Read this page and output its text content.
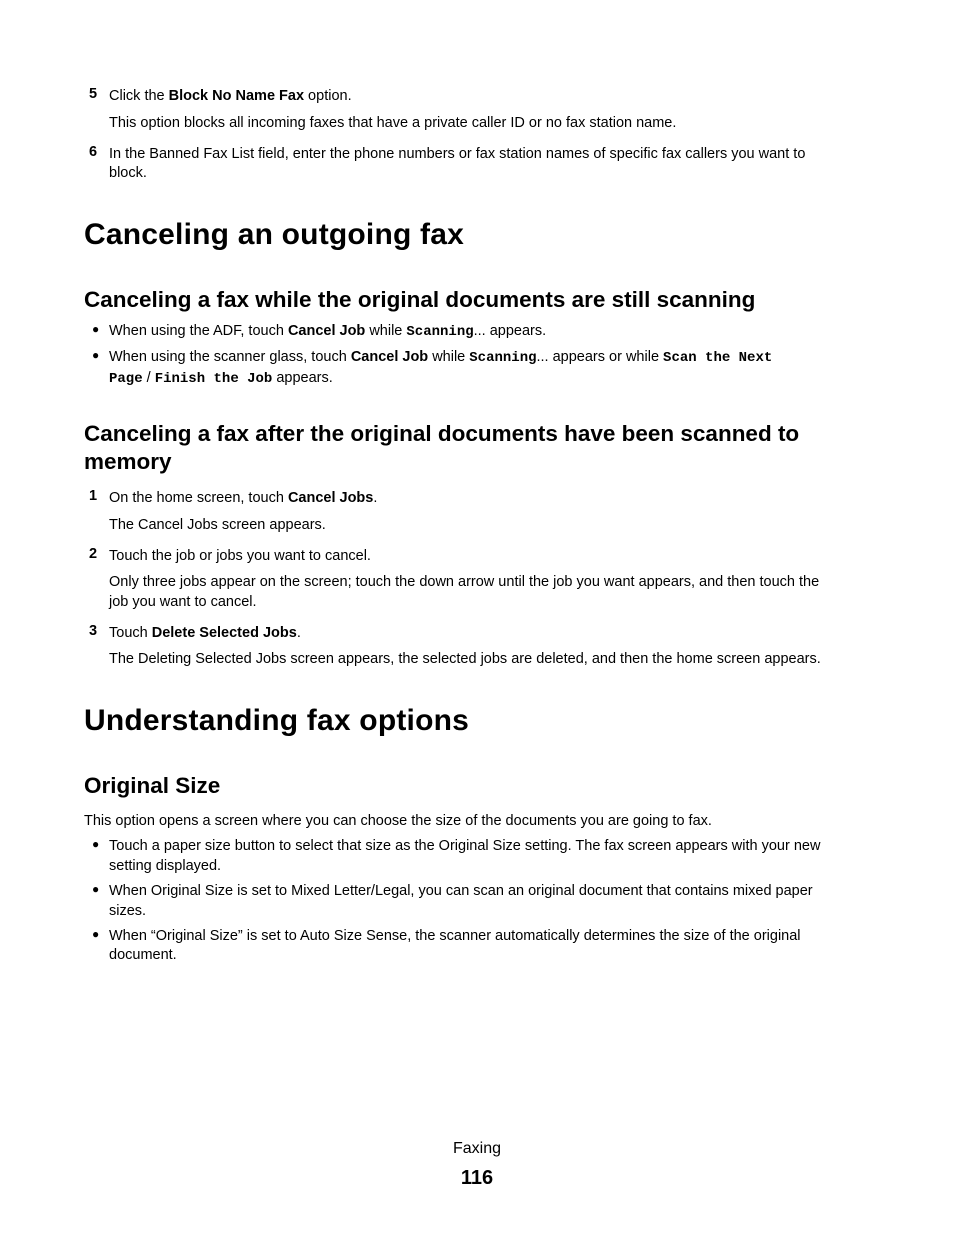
5 Click the Block No Name Fax option.
This option blocks all incoming faxes that have a private caller ID or no fax station name.
6 In the Banned Fax List field, enter the phone numbers or fax station names of specific fax callers you want to
block.
Canceling an outgoing fax
Canceling a fax while the original documents are still scanning
● When using the ADF, touch Cancel Job while Scanning... appears.
● When using the scanner glass, touch Cancel Job while Scanning... appears or while Scan the Next
Page / Finish the Job appears.
Canceling a fax after the original documents have been scanned to
memory
1 On the home screen, touch Cancel Jobs.
The Cancel Jobs screen appears.
2 Touch the job or jobs you want to cancel.
Only three jobs appear on the screen; touch the down arrow until the job you want appears, and then touch the
job you want to cancel.
3 Touch Delete Selected Jobs.
The Deleting Selected Jobs screen appears, the selected jobs are deleted, and then the home screen appears.
Understanding fax options
Original Size
This option opens a screen where you can choose the size of the documents you are going to fax.
● Touch a paper size button to select that size as the Original Size setting. The fax screen appears with your new
setting displayed.
● When Original Size is set to Mixed Letter/Legal, you can scan an original document that contains mixed paper
sizes.
● When “Original Size” is set to Auto Size Sense, the scanner automatically determines the size of the original
document.
Faxing
116
